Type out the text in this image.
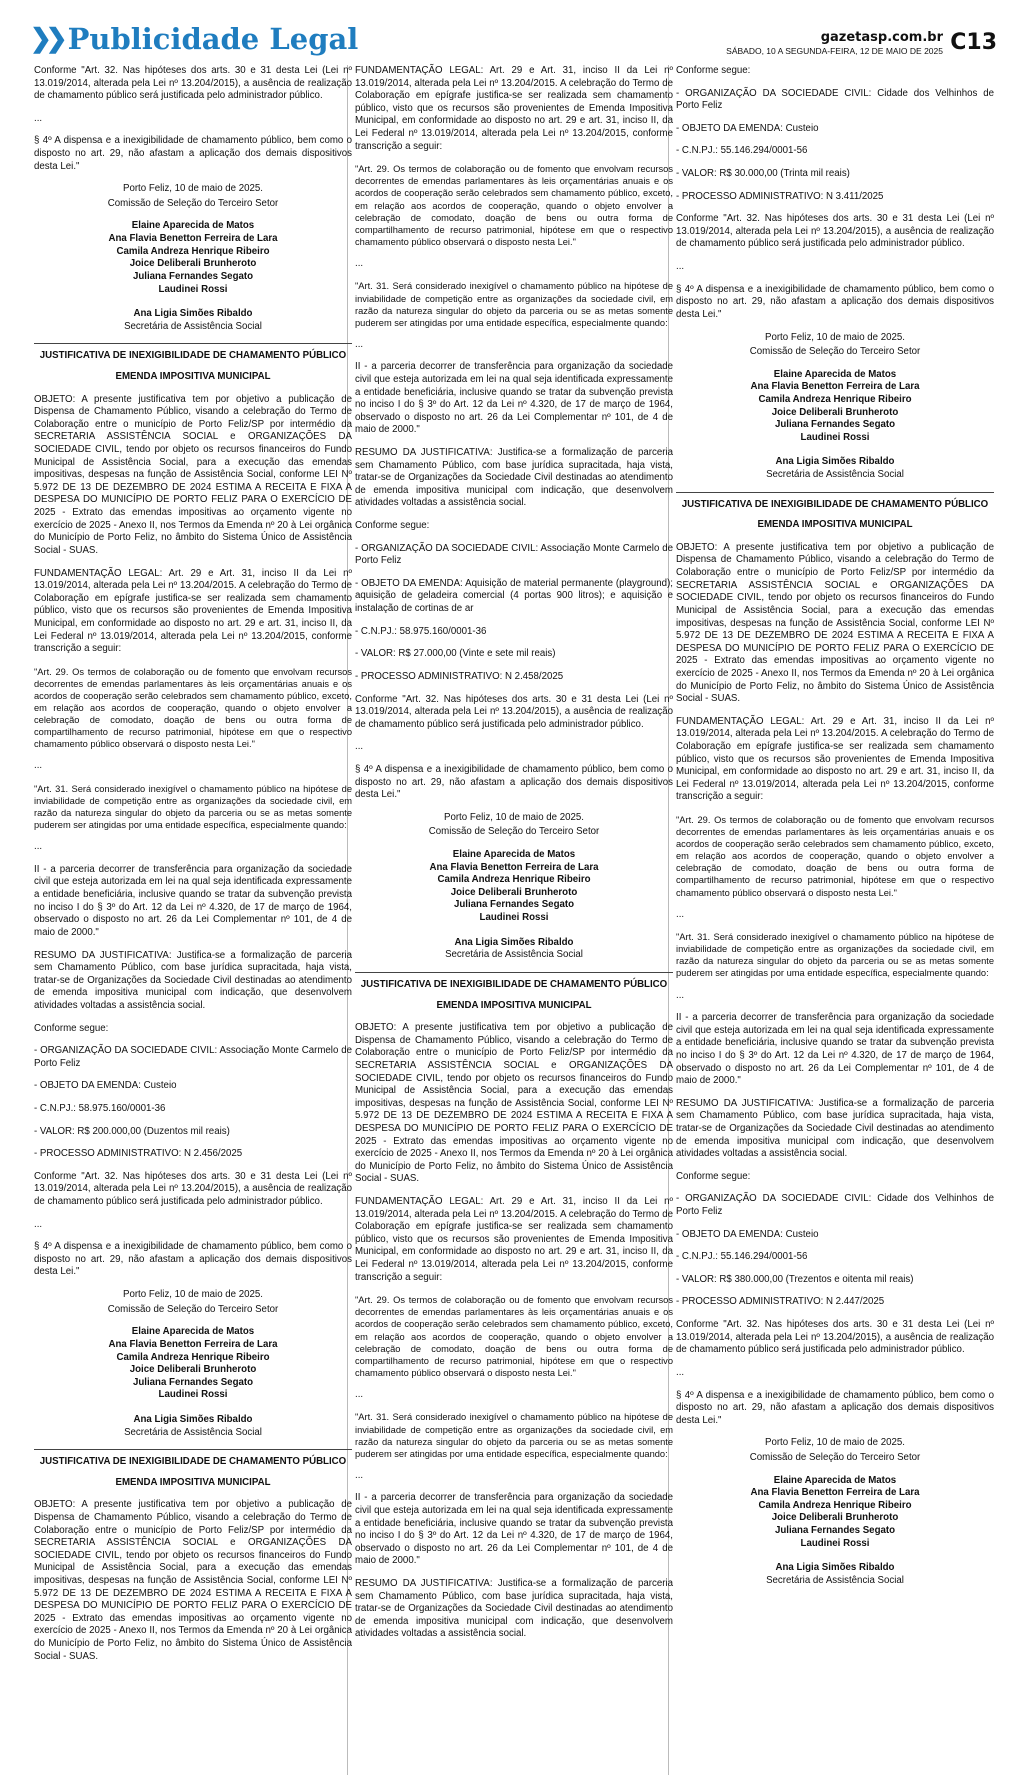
❯❯ Publicidade Legal	gazetasp.com.br
SÁBADO, 10 A SEGUNDA-FEIRA, 12 DE MAIO DE 2025 C13

Conforme "Art. 32. Nas hipóteses dos arts. 30 e 31 desta Lei (Lei nº 13.019/2014, alterada pela Lei nº 13.204/2015), a ausência de realização de chamamento público será justificada pelo administrador público.

...

§ 4º A dispensa e a inexigibilidade de chamamento público, bem como o disposto no art. 29, não afastam a aplicação dos demais dispositivos desta Lei."

Porto Feliz, 10 de maio de 2025.

Comissão de Seleção do Terceiro Setor

Elaine Aparecida de Matos
Ana Flavia Benetton Ferreira de Lara
Camila Andreza Henrique Ribeiro
Joice Deliberali Brunheroto
Juliana Fernandes Segato
Laudinei Rossi
Ana Ligia Simões Ribaldo
Secretária de Assistência Social
JUSTIFICATIVA DE INEXIGIBILIDADE DE CHAMAMENTO PÚBLICO
EMENDA IMPOSITIVA MUNICIPAL

OBJETO: A presente justificativa tem por objetivo a publicação de Dispensa de Chamamento Público, visando a celebração do Termo de Colaboração entre o município de Porto Feliz/SP por intermédio da SECRETARIA ASSISTÊNCIA SOCIAL e ORGANIZAÇÕES DA SOCIEDADE CIVIL, tendo por objeto os recursos financeiros do Fundo Municipal de Assistência Social, para a execução das emendas impositivas, despesas na função de Assistência Social, conforme LEI Nº 5.972 DE 13 DE DEZEMBRO DE 2024 ESTIMA A RECEITA E FIXA A DESPESA DO MUNICÍPIO DE PORTO FELIZ PARA O EXERCÍCIO DE 2025 - Extrato das emendas impositivas ao orçamento vigente no exercício de 2025 - Anexo II, nos Termos da Emenda nº 20 à Lei orgânica do Município de Porto Feliz, no âmbito do Sistema Único de Assistência Social - SUAS.

FUNDAMENTAÇÃO LEGAL: Art. 29 e Art. 31, inciso II da Lei nº 13.019/2014, alterada pela Lei nº 13.204/2015. A celebração do Termo de Colaboração em epígrafe justifica-se ser realizada sem chamamento público, visto que os recursos são provenientes de Emenda Impositiva Municipal, em conformidade ao disposto no art. 29 e art. 31, inciso II, da Lei Federal nº 13.019/2014, alterada pela Lei nº 13.204/2015, conforme transcrição a seguir:

"Art. 29. Os termos de colaboração ou de fomento que envolvam recursos decorrentes de emendas parlamentares às leis orçamentárias anuais e os acordos de cooperação serão celebrados sem chamamento público, exceto, em relação aos acordos de cooperação, quando o objeto envolver a celebração de comodato, doação de bens ou outra forma de compartilhamento de recurso patrimonial, hipótese em que o respectivo chamamento público observará o disposto nesta Lei."

...

"Art. 31. Será considerado inexigível o chamamento público na hipótese de inviabilidade de competição entre as organizações da sociedade civil, em razão da natureza singular do objeto da parceria ou se as metas somente puderem ser atingidas por uma entidade específica, especialmente quando:

...

II - a parceria decorrer de transferência para organização da sociedade civil que esteja autorizada em lei na qual seja identificada expressamente a entidade beneficiária, inclusive quando se tratar da subvenção prevista no inciso I do § 3º do Art. 12 da Lei nº 4.320, de 17 de março de 1964, observado o disposto no art. 26 da Lei Complementar nº 101, de 4 de maio de 2000."

RESUMO DA JUSTIFICATIVA: Justifica-se a formalização de parceria sem Chamamento Público, com base jurídica supracitada, haja vista, tratar-se de Organizações da Sociedade Civil destinadas ao atendimento de emenda impositiva municipal com indicação, que desenvolvem atividades voltadas a assistência social.

Conforme segue:

- ORGANIZAÇÃO DA SOCIEDADE CIVIL: Associação Monte Carmelo de Porto Feliz

- OBJETO DA EMENDA: Custeio

- C.N.PJ.: 58.975.160/0001-36

- VALOR: R$ 200.000,00 (Duzentos mil reais)

- PROCESSO ADMINISTRATIVO: N 2.456/2025

Conforme "Art. 32. Nas hipóteses dos arts. 30 e 31 desta Lei (Lei nº 13.019/2014, alterada pela Lei nº 13.204/2015), a ausência de realização de chamamento público será justificada pelo administrador público.

...

§ 4º A dispensa e a inexigibilidade de chamamento público, bem como o disposto no art. 29, não afastam a aplicação dos demais dispositivos desta Lei."

Porto Feliz, 10 de maio de 2025.

Comissão de Seleção do Terceiro Setor

Elaine Aparecida de Matos
Ana Flavia Benetton Ferreira de Lara
Camila Andreza Henrique Ribeiro
Joice Deliberali Brunheroto
Juliana Fernandes Segato
Laudinei Rossi
Ana Ligia Simões Ribaldo
Secretária de Assistência Social
JUSTIFICATIVA DE INEXIGIBILIDADE DE CHAMAMENTO PÚBLICO
EMENDA IMPOSITIVA MUNICIPAL

OBJETO: A presente justificativa tem por objetivo a publicação de Dispensa de Chamamento Público, visando a celebração do Termo de Colaboração entre o município de Porto Feliz/SP por intermédio da SECRETARIA ASSISTÊNCIA SOCIAL e ORGANIZAÇÕES DA SOCIEDADE CIVIL, tendo por objeto os recursos financeiros do Fundo Municipal de Assistência Social, para a execução das emendas impositivas, despesas na função de Assistência Social, conforme LEI Nº 5.972 DE 13 DE DEZEMBRO DE 2024 ESTIMA A RECEITA E FIXA A DESPESA DO MUNICÍPIO DE PORTO FELIZ PARA O EXERCÍCIO DE 2025 - Extrato das emendas impositivas ao orçamento vigente no exercício de 2025 - Anexo II, nos Termos da Emenda nº 20 à Lei orgânica do Município de Porto Feliz, no âmbito do Sistema Único de Assistência Social - SUAS.

FUNDAMENTAÇÃO LEGAL: Art. 29 e Art. 31, inciso II da Lei nº 13.019/2014, alterada pela Lei nº 13.204/2015. A celebração do Termo de Colaboração em epígrafe justifica-se ser realizada sem chamamento público, visto que os recursos são provenientes de Emenda Impositiva Municipal, em conformidade ao disposto no art. 29 e art. 31, inciso II, da Lei Federal nº 13.019/2014, alterada pela Lei nº 13.204/2015, conforme transcrição a seguir:

"Art. 29. Os termos de colaboração ou de fomento que envolvam recursos decorrentes de emendas parlamentares às leis orçamentárias anuais e os acordos de cooperação serão celebrados sem chamamento público, exceto, em relação aos acordos de cooperação, quando o objeto envolver a celebração de comodato, doação de bens ou outra forma de compartilhamento de recurso patrimonial, hipótese em que o respectivo chamamento público observará o disposto nesta Lei."

...

"Art. 31. Será considerado inexigível o chamamento público na hipótese de inviabilidade de competição entre as organizações da sociedade civil, em razão da natureza singular do objeto da parceria ou se as metas somente puderem ser atingidas por uma entidade específica, especialmente quando:

...

II - a parceria decorrer de transferência para organização da sociedade civil que esteja autorizada em lei na qual seja identificada expressamente a entidade beneficiária, inclusive quando se tratar da subvenção prevista no inciso I do § 3º do Art. 12 da Lei nº 4.320, de 17 de março de 1964, observado o disposto no art. 26 da Lei Complementar nº 101, de 4 de maio de 2000."

RESUMO DA JUSTIFICATIVA: Justifica-se a formalização de parceria sem Chamamento Público, com base jurídica supracitada, haja vista, tratar-se de Organizações da Sociedade Civil destinadas ao atendimento de emenda impositiva municipal com indicação, que desenvolvem atividades voltadas a assistência social.

Conforme segue:

- ORGANIZAÇÃO DA SOCIEDADE CIVIL: Associação Monte Carmelo de Porto Feliz

- OBJETO DA EMENDA: Aquisição de material permanente (playground); aquisição de geladeira comercial (4 portas 900 litros); e aquisição e instalação de cortinas de ar

- C.N.PJ.: 58.975.160/0001-36

- VALOR: R$ 27.000,00 (Vinte e sete mil reais)

- PROCESSO ADMINISTRATIVO: N 2.458/2025

Conforme "Art. 32. Nas hipóteses dos arts. 30 e 31 desta Lei (Lei nº 13.019/2014, alterada pela Lei nº 13.204/2015), a ausência de realização de chamamento público será justificada pelo administrador público.

...

§ 4º A dispensa e a inexigibilidade de chamamento público, bem como o disposto no art. 29, não afastam a aplicação dos demais dispositivos desta Lei."

Porto Feliz, 10 de maio de 2025.

Comissão de Seleção do Terceiro Setor

Elaine Aparecida de Matos
Ana Flavia Benetton Ferreira de Lara
Camila Andreza Henrique Ribeiro
Joice Deliberali Brunheroto
Juliana Fernandes Segato
Laudinei Rossi
Ana Ligia Simões Ribaldo
Secretária de Assistência Social
JUSTIFICATIVA DE INEXIGIBILIDADE DE CHAMAMENTO PÚBLICO
EMENDA IMPOSITIVA MUNICIPAL

OBJETO: A presente justificativa tem por objetivo a publicação de Dispensa de Chamamento Público, visando a celebração do Termo de Colaboração entre o município de Porto Feliz/SP por intermédio da SECRETARIA ASSISTÊNCIA SOCIAL e ORGANIZAÇÕES DA SOCIEDADE CIVIL, tendo por objeto os recursos financeiros do Fundo Municipal de Assistência Social, para a execução das emendas impositivas, despesas na função de Assistência Social, conforme LEI Nº 5.972 DE 13 DE DEZEMBRO DE 2024 ESTIMA A RECEITA E FIXA A DESPESA DO MUNICÍPIO DE PORTO FELIZ PARA O EXERCÍCIO DE 2025 - Extrato das emendas impositivas ao orçamento vigente no exercício de 2025 - Anexo II, nos Termos da Emenda nº 20 à Lei orgânica do Município de Porto Feliz, no âmbito do Sistema Único de Assistência Social - SUAS.

FUNDAMENTAÇÃO LEGAL: Art. 29 e Art. 31, inciso II da Lei nº 13.019/2014, alterada pela Lei nº 13.204/2015. A celebração do Termo de Colaboração em epígrafe justifica-se ser realizada sem chamamento público, visto que os recursos são provenientes de Emenda Impositiva Municipal, em conformidade ao disposto no art. 29 e art. 31, inciso II, da Lei Federal nº 13.019/2014, alterada pela Lei nº 13.204/2015, conforme transcrição a seguir:

"Art. 29. Os termos de colaboração ou de fomento que envolvam recursos decorrentes de emendas parlamentares às leis orçamentárias anuais e os acordos de cooperação serão celebrados sem chamamento público, exceto, em relação aos acordos de cooperação, quando o objeto envolver a celebração de comodato, doação de bens ou outra forma de compartilhamento de recurso patrimonial, hipótese em que o respectivo chamamento público observará o disposto nesta Lei."

...

"Art. 31. Será considerado inexigível o chamamento público na hipótese de inviabilidade de competição entre as organizações da sociedade civil, em razão da natureza singular do objeto da parceria ou se as metas somente puderem ser atingidas por uma entidade específica, especialmente quando:

...

II - a parceria decorrer de transferência para organização da sociedade civil que esteja autorizada em lei na qual seja identificada expressamente a entidade beneficiária, inclusive quando se tratar da subvenção prevista no inciso I do § 3º do Art. 12 da Lei nº 4.320, de 17 de março de 1964, observado o disposto no art. 26 da Lei Complementar nº 101, de 4 de maio de 2000."

RESUMO DA JUSTIFICATIVA: Justifica-se a formalização de parceria sem Chamamento Público, com base jurídica supracitada, haja vista, tratar-se de Organizações da Sociedade Civil destinadas ao atendimento de emenda impositiva municipal com indicação, que desenvolvem atividades voltadas a assistência social.

Conforme segue:

- ORGANIZAÇÃO DA SOCIEDADE CIVIL: Cidade dos Velhinhos de Porto Feliz

- OBJETO DA EMENDA: Custeio

- C.N.PJ.: 55.146.294/0001-56

- VALOR: R$ 30.000,00 (Trinta mil reais)

- PROCESSO ADMINISTRATIVO: N 3.411/2025

Conforme "Art. 32. Nas hipóteses dos arts. 30 e 31 desta Lei (Lei nº 13.019/2014, alterada pela Lei nº 13.204/2015), a ausência de realização de chamamento público será justificada pelo administrador público.

...

§ 4º A dispensa e a inexigibilidade de chamamento público, bem como o disposto no art. 29, não afastam a aplicação dos demais dispositivos desta Lei."

Porto Feliz, 10 de maio de 2025.

Comissão de Seleção do Terceiro Setor

Elaine Aparecida de Matos
Ana Flavia Benetton Ferreira de Lara
Camila Andreza Henrique Ribeiro
Joice Deliberali Brunheroto
Juliana Fernandes Segato
Laudinei Rossi
Ana Ligia Simões Ribaldo
Secretária de Assistência Social
JUSTIFICATIVA DE INEXIGIBILIDADE DE CHAMAMENTO PÚBLICO
EMENDA IMPOSITIVA MUNICIPAL

OBJETO: A presente justificativa tem por objetivo a publicação de Dispensa de Chamamento Público, visando a celebração do Termo de Colaboração entre o município de Porto Feliz/SP por intermédio da SECRETARIA ASSISTÊNCIA SOCIAL e ORGANIZAÇÕES DA SOCIEDADE CIVIL, tendo por objeto os recursos financeiros do Fundo Municipal de Assistência Social, para a execução das emendas impositivas, despesas na função de Assistência Social, conforme LEI Nº 5.972 DE 13 DE DEZEMBRO DE 2024 ESTIMA A RECEITA E FIXA A DESPESA DO MUNICÍPIO DE PORTO FELIZ PARA O EXERCÍCIO DE 2025 - Extrato das emendas impositivas ao orçamento vigente no exercício de 2025 - Anexo II, nos Termos da Emenda nº 20 à Lei orgânica do Município de Porto Feliz, no âmbito do Sistema Único de Assistência Social - SUAS.

FUNDAMENTAÇÃO LEGAL: Art. 29 e Art. 31, inciso II da Lei nº 13.019/2014, alterada pela Lei nº 13.204/2015. A celebração do Termo de Colaboração em epígrafe justifica-se ser realizada sem chamamento público, visto que os recursos são provenientes de Emenda Impositiva Municipal, em conformidade ao disposto no art. 29 e art. 31, inciso II, da Lei Federal nº 13.019/2014, alterada pela Lei nº 13.204/2015, conforme transcrição a seguir:

"Art. 29. Os termos de colaboração ou de fomento que envolvam recursos decorrentes de emendas parlamentares às leis orçamentárias anuais e os acordos de cooperação serão celebrados sem chamamento público, exceto, em relação aos acordos de cooperação, quando o objeto envolver a celebração de comodato, doação de bens ou outra forma de compartilhamento de recurso patrimonial, hipótese em que o respectivo chamamento público observará o disposto nesta Lei."

...

"Art. 31. Será considerado inexigível o chamamento público na hipótese de inviabilidade de competição entre as organizações da sociedade civil, em razão da natureza singular do objeto da parceria ou se as metas somente puderem ser atingidas por uma entidade específica, especialmente quando:

...

II - a parceria decorrer de transferência para organização da sociedade civil que esteja autorizada em lei na qual seja identificada expressamente a entidade beneficiária, inclusive quando se tratar da subvenção prevista no inciso I do § 3º do Art. 12 da Lei nº 4.320, de 17 de março de 1964, observado o disposto no art. 26 da Lei Complementar nº 101, de 4 de maio de 2000."

RESUMO DA JUSTIFICATIVA: Justifica-se a formalização de parceria sem Chamamento Público, com base jurídica supracitada, haja vista, tratar-se de Organizações da Sociedade Civil destinadas ao atendimento de emenda impositiva municipal com indicação, que desenvolvem atividades voltadas a assistência social.

Conforme segue:

- ORGANIZAÇÃO DA SOCIEDADE CIVIL: Cidade dos Velhinhos de Porto Feliz

- OBJETO DA EMENDA: Custeio

- C.N.PJ.: 55.146.294/0001-56

- VALOR: R$ 380.000,00 (Trezentos e oitenta mil reais)

- PROCESSO ADMINISTRATIVO: N 2.447/2025

Conforme "Art. 32. Nas hipóteses dos arts. 30 e 31 desta Lei (Lei nº 13.019/2014, alterada pela Lei nº 13.204/2015), a ausência de realização de chamamento público será justificada pelo administrador público.

...

§ 4º A dispensa e a inexigibilidade de chamamento público, bem como o disposto no art. 29, não afastam a aplicação dos demais dispositivos desta Lei."

Porto Feliz, 10 de maio de 2025.

Comissão de Seleção do Terceiro Setor

Elaine Aparecida de Matos
Ana Flavia Benetton Ferreira de Lara
Camila Andreza Henrique Ribeiro
Joice Deliberali Brunheroto
Juliana Fernandes Segato
Laudinei Rossi
Ana Ligia Simões Ribaldo
Secretária de Assistência Social
